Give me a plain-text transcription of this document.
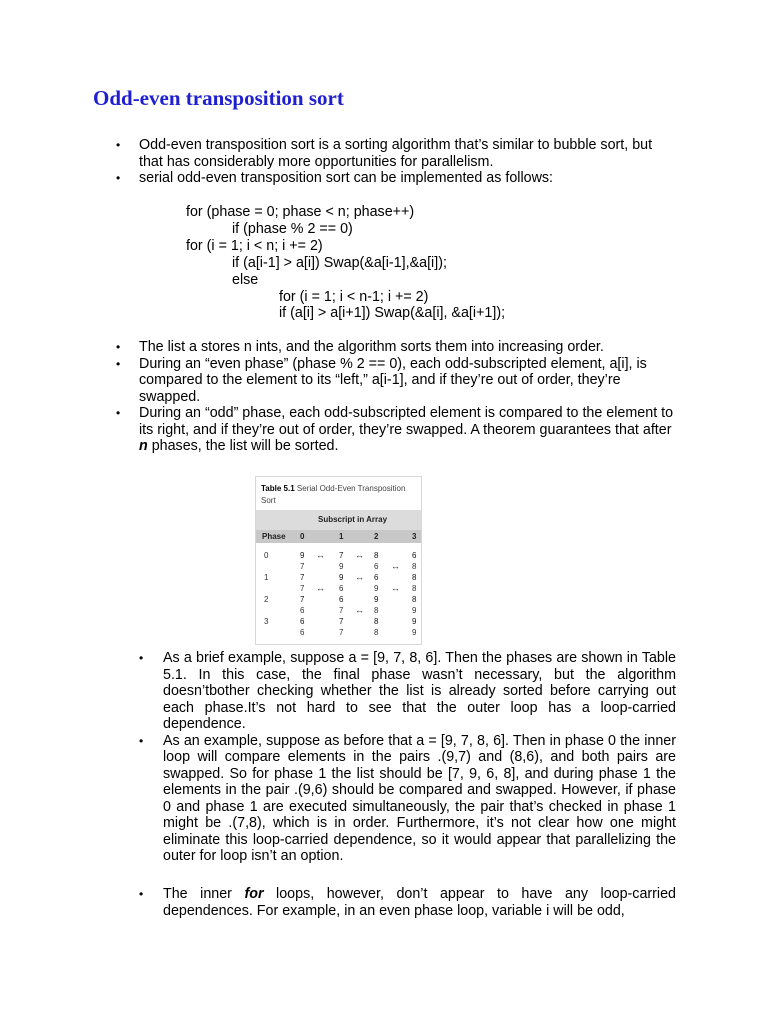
Odd-even transposition sort
• Odd-even transposition sort is a sorting algorithm that’s similar to bubble sort, but that has considerably more opportunities for parallelism.
• serial odd-even transposition sort can be implemented as follows:
for (phase = 0; phase < n; phase++)
if (phase % 2 == 0)
for (i = 1; i < n; i += 2)
if (a[i-1] > a[i]) Swap(&a[i-1],&a[i]);
else
for (i = 1; i < n-1; i += 2)
if (a[i] > a[i+1]) Swap(&a[i], &a[i+1]);
• The list a stores n ints, and the algorithm sorts them into increasing order.
• During an “even phase” (phase % 2 == 0), each odd-subscripted element, a[i], is compared to the element to its “left,” a[i-1], and if they’re out of order, they’re swapped.
• During an “odd” phase, each odd-subscripted element is compared to the element to its right, and if they’re out of order, they’re swapped. A theorem guarantees that after n phases, the list will be sorted.
Table 5.1 Serial Odd-Even Transposition Sort
Subscript in Array
Phase 0	1	2	3
0	9	7	8	6
↔	↔
7	9	6	8
↔
1	7	9	6	8
↔
7	6	9	8
↔	↔
2	7	6	9	8
6	7	8	9
↔
3	6	7	8	9
6	7	8	9
• As a brief example, suppose a = [9, 7, 8, 6]. Then the phases are shown in Table 5.1. In this case, the final phase wasn’t necessary, but the algorithm doesn’tbother checking whether the list is already sorted before carrying out each phase.It’s not hard to see that the outer loop has a loop-carried dependence.
• As an example, suppose as before that a = [9, 7, 8, 6]. Then in phase 0 the inner loop will compare elements in the pairs .(9,7) and (8,6), and both pairs are swapped. So for phase 1 the list should be [7, 9, 6, 8], and during phase 1 the elements in the pair .(9,6) should be compared and swapped. However, if phase 0 and phase 1 are executed simultaneously, the pair that’s checked in phase 1 might be .(7,8), which is in order. Furthermore, it’s not clear how one might eliminate this loop-carried dependence, so it would appear that parallelizing the outer for loop isn’t an option.
• The inner for loops, however, don’t appear to have any loop-carried dependences. For example, in an even phase loop, variable i will be odd,
